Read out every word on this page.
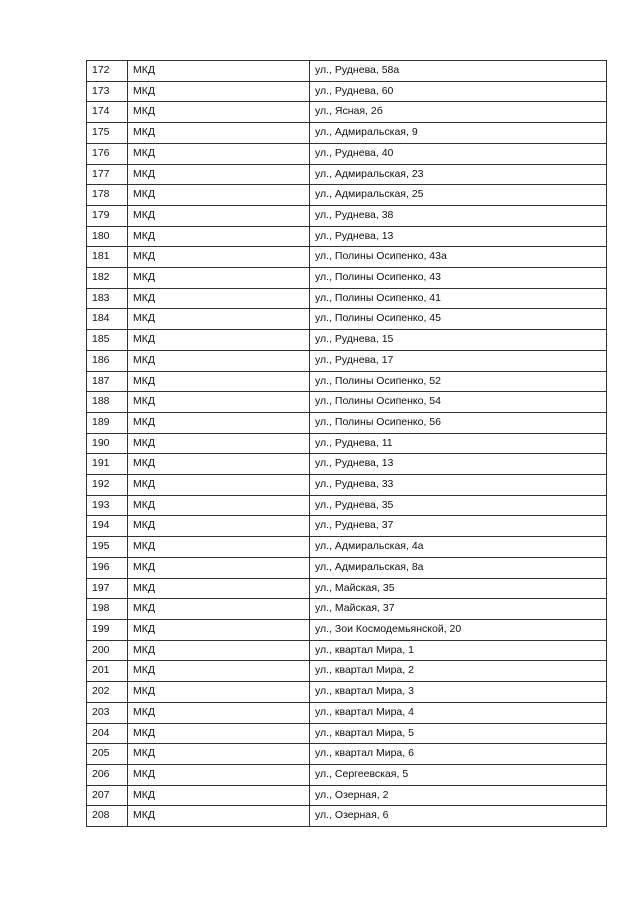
172	МКД	ул., Руднева, 58а
173	МКД	ул., Руднева, 60
174	МКД	ул., Ясная, 2б
175	МКД	ул., Адмиральская, 9
176	МКД	ул., Руднева, 40
177	МКД	ул., Адмиральская, 23
178	МКД	ул., Адмиральская, 25
179	МКД	ул., Руднева, 38
180	МКД	ул., Руднева, 13
181	МКД	ул., Полины Осипенко, 43а
182	МКД	ул., Полины Осипенко, 43
183	МКД	ул., Полины Осипенко, 41
184	МКД	ул., Полины Осипенко, 45
185	МКД	ул., Руднева, 15
186	МКД	ул., Руднева, 17
187	МКД	ул., Полины Осипенко, 52
188	МКД	ул., Полины Осипенко, 54
189	МКД	ул., Полины Осипенко, 56
190	МКД	ул., Руднева, 11
191	МКД	ул., Руднева, 13
192	МКД	ул., Руднева, 33
193	МКД	ул., Руднева, 35
194	МКД	ул., Руднева, 37
195	МКД	ул., Адмиральская, 4а
196	МКД	ул., Адмиральская, 8а
197	МКД	ул., Майская, 35
198	МКД	ул., Майская, 37
199	МКД	ул., Зои Космодемьянской, 20
200	МКД	ул., квартал Мира, 1
201	МКД	ул., квартал Мира, 2
202	МКД	ул., квартал Мира, 3
203	МКД	ул., квартал Мира, 4
204	МКД	ул., квартал Мира, 5
205	МКД	ул., квартал Мира, 6
206	МКД	ул., Сергеевская, 5
207	МКД	ул., Озерная, 2
208	МКД	ул., Озерная, 6
